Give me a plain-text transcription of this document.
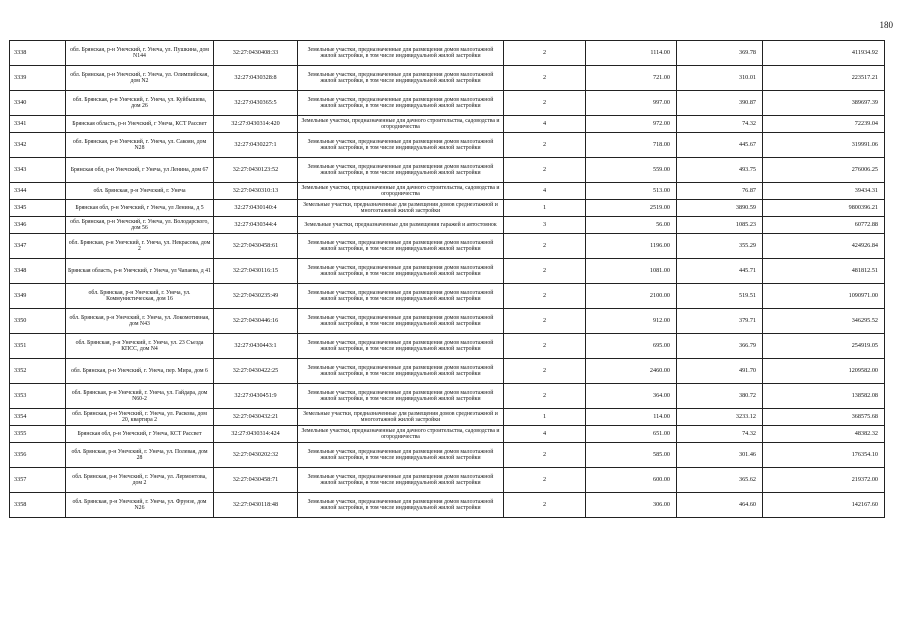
180
3338	обл. Брянская, р-н Унечский, г. Унеча, ул. Пушкина, дом N144	32:27:0430408:33	Земельные участки, предназначенные для размещения домов малоэтажной жилой застройки, в том числе индивидуальной жилой застройки	2	1114.00	369.78	411934.92
3339	обл. Брянская, р-н Унечский, г. Унеча, ул. Олимпийская, дом N2	32:27:0430328:8	Земельные участки, предназначенные для размещения домов малоэтажной жилой застройки, в том числе индивидуальной жилой застройки	2	721.00	310.01	223517.21
3340	обл. Брянская, р-н Унечский, г. Унеча, ул. Куйбышева, дом 26	32:27:0430365:5	Земельные участки, предназначенные для размещения домов малоэтажной жилой застройки, в том числе индивидуальной жилой застройки	2	997.00	390.87	389697.39
3341	Брянская область, р-н Унечский, г Унеча, КСТ Рассвет	32:27:0430314:420	Земельные участки, предназначенные для дачного строительства, садоводства и огородничества	4	972.00	74.32	72239.04
3342	обл. Брянская, р-н Унечский, г. Унеча, ул. Сакоян, дом N28	32:27:0430227:1	Земельные участки, предназначенные для размещения домов малоэтажной жилой застройки, в том числе индивидуальной жилой застройки	2	718.00	445.67	319991.06
3343	Брянская обл, р-н Унечский, г Унеча, ул Ленина, дом 67	32:27:0430123:52	Земельные участки, предназначенные для размещения домов малоэтажной жилой застройки, в том числе индивидуальной жилой застройки	2	559.00	493.75	276006.25
3344	обл. Брянская, р-н Унечский, г. Унеча	32:27:0430310:13	Земельные участки, предназначенные для дачного строительства, садоводства и огородничества	4	513.00	76.87	39434.31
3345	Брянская обл, р-н Унечский, г Унеча, ул Ленина, д 5	32:27:0430140:4	Земельные участки, предназначенные для размещения домов среднеэтажной и многоэтажной жилой застройки	1	2519.00	3890.59	9800396.21
3346	обл. Брянская, р-н Унечский, г. Унеча, ул. Володарского, дом 56	32:27:0430344:4	Земельные участки, предназначенные для размещения гаражей и автостоянок	3	56.00	1085.23	60772.88
3347	обл. Брянская, р-н Унечский, г. Унеча, ул. Некрасова, дом 2	32:27:0430458:61	Земельные участки, предназначенные для размещения домов малоэтажной жилой застройки, в том числе индивидуальной жилой застройки	2	1196.00	355.29	424926.84
3348	Брянская область, р-н Унечский, г Унеча, ул Чапаева, д 41	32:27:0430116:15	Земельные участки, предназначенные для размещения домов малоэтажной жилой застройки, в том числе индивидуальной жилой застройки	2	1081.00	445.71	481812.51
3349	обл. Брянская, р-н Унечский, г. Унеча, ул. Коммунистическая, дом 16	32:27:0430235:49	Земельные участки, предназначенные для размещения домов малоэтажной жилой застройки, в том числе индивидуальной жилой застройки	2	2100.00	519.51	1090971.00
3350	обл. Брянская, р-н Унечский, г. Унеча, ул. Локомотивная, дом N43	32:27:0430446:16	Земельные участки, предназначенные для размещения домов малоэтажной жилой застройки, в том числе индивидуальной жилой застройки	2	912.00	379.71	346295.52
3351	обл. Брянская, р-н Унечский, г. Унеча, ул. 23 Съезда КПСС, дом N4	32:27:0430443:1	Земельные участки, предназначенные для размещения домов малоэтажной жилой застройки, в том числе индивидуальной жилой застройки	2	695.00	366.79	254919.05
3352	обл. Брянская, р-н Унечский, г. Унеча, пер. Мира, дом 6	32:27:0430422:25	Земельные участки, предназначенные для размещения домов малоэтажной жилой застройки, в том числе индивидуальной жилой застройки	2	2460.00	491.70	1209582.00
3353	обл. Брянская, р-н Унечский, г. Унеча, ул. Гайдара, дом N60-2	32:27:0430451:9	Земельные участки, предназначенные для размещения домов малоэтажной жилой застройки, в том числе индивидуальной жилой застройки	2	364.00	380.72	138582.08
3354	обл. Брянская, р-н Унечский, г. Унеча, ул. Раскова, дом 20, квартира 2	32:27:0430432:21	Земельные участки, предназначенные для размещения домов среднеэтажной и многоэтажной жилой застройки	1	114.00	3233.12	368575.68
3355	Брянская обл, р-н Унечский, г Унеча, КСТ Рассвет	32:27:0430314:424	Земельные участки, предназначенные для дачного строительства, садоводства и огородничества	4	651.00	74.32	48382.32
3356	обл. Брянская, р-н Унечский, г. Унеча, ул. Полевая, дом 28	32:27:0430202:32	Земельные участки, предназначенные для размещения домов малоэтажной жилой застройки, в том числе индивидуальной жилой застройки	2	585.00	301.46	176354.10
3357	обл. Брянская, р-н Унечский, г. Унеча, ул. Лермонтова, дом 2	32:27:0430458:71	Земельные участки, предназначенные для размещения домов малоэтажной жилой застройки, в том числе индивидуальной жилой застройки	2	600.00	365.62	219372.00
3358	обл. Брянская, р-н Унечский, г. Унеча, ул. Фрунзе, дом N26	32:27:0430118:48	Земельные участки, предназначенные для размещения домов малоэтажной жилой застройки, в том числе индивидуальной жилой застройки	2	306.00	464.60	142167.60
